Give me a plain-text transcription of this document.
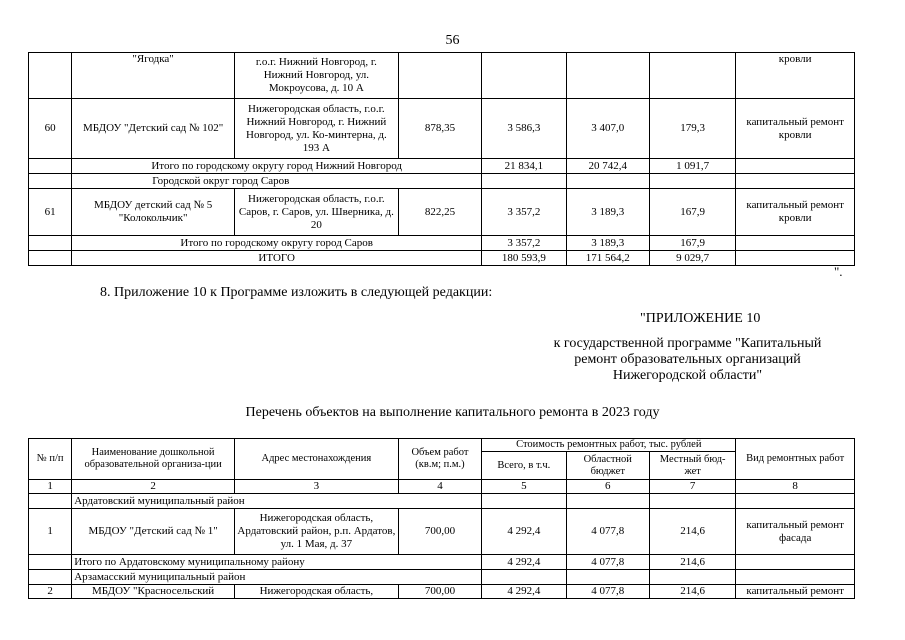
56
	"Ягодка"	г.о.г. Нижний Новгород, г. Нижний Новгород, ул. Мокроусова, д. 10 А					кровли
60	МБДОУ "Детский сад № 102"	Нижегородская область, г.о.г. Нижний Новгород, г. Нижний Новгород, ул. Ко-минтерна, д. 193 А	878,35	3 586,3	3 407,0	179,3	капитальный ремонт кровли
	Итого по городскому округу город Нижний Новгород			21 834,1	20 742,4	1 091,7	
	Городской округ город Саров						
61	МБДОУ детский сад № 5 "Колокольчик"	Нижегородская область, г.о.г. Саров, г. Саров, ул. Шверника, д. 20	822,25	3 357,2	3 189,3	167,9	капитальный ремонт кровли
	Итого по городскому округу город Саров			3 357,2	3 189,3	167,9	
	ИТОГО			180 593,9	171 564,2	9 029,7	
".
8. Приложение 10 к Программе изложить в следующей редакции:
"ПРИЛОЖЕНИЕ 10
к государственной программе "Капитальный
ремонт образовательных организаций
Нижегородской области"
Перечень объектов на выполнение капитального ремонта в 2023 году
№ п/п	Наименование дошкольной образовательной организа-ции	Адрес местонахождения	Объем работ (кв.м; п.м.)	Стоимость ремонтных работ, тыс. рублей			Вид ремонтных работ
				Всего, в т.ч.	Областной бюджет	Местный бюд-жет	
1	2	3	4	5	6	7	8
	Ардатовский муниципальный район						
1	МБДОУ "Детский сад № 1"	Нижегородская область, Ардатовский район, р.п. Ардатов, ул. 1 Мая, д. 37	700,00	4 292,4	4 077,8	214,6	капитальный ремонт фасада
	Итого по Ардатовскому муниципальному району			4 292,4	4 077,8	214,6	
	Арзамасский муниципальный район						
2	МБДОУ "Красносельский	Нижегородская область,	700,00	4 292,4	4 077,8	214,6	капитальный ремонт
